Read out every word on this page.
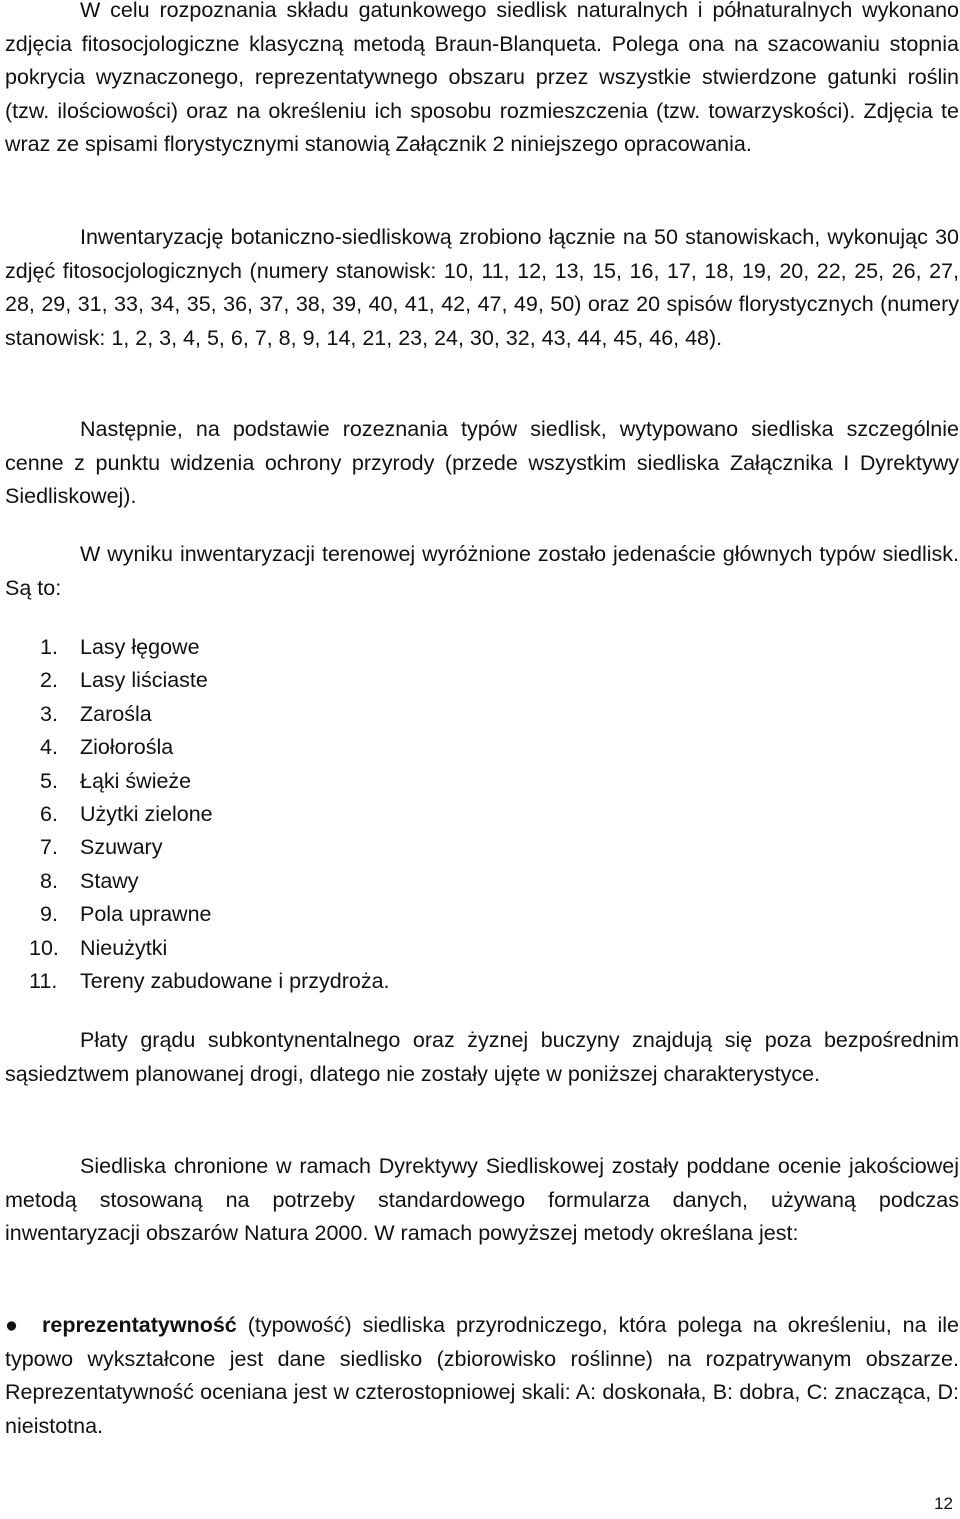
W celu rozpoznania składu gatunkowego siedlisk naturalnych i półnaturalnych wykonano zdjęcia fitosocjologiczne klasyczną metodą Braun-Blanqueta. Polega ona na szacowaniu stopnia pokrycia wyznaczonego, reprezentatywnego obszaru przez wszystkie stwierdzone gatunki roślin (tzw. ilościowości) oraz na określeniu ich sposobu rozmieszczenia (tzw. towarzyskości). Zdjęcia te wraz ze spisami florystycznymi stanowią Załącznik 2 niniejszego opracowania.

Inwentaryzację botaniczno-siedliskową zrobiono łącznie na 50 stanowiskach, wykonując 30 zdjęć fitosocjologicznych (numery stanowisk: 10, 11, 12, 13, 15, 16, 17, 18, 19, 20, 22, 25, 26, 27, 28, 29, 31, 33, 34, 35, 36, 37, 38, 39, 40, 41, 42, 47, 49, 50) oraz 20 spisów florystycznych (numery stanowisk: 1, 2, 3, 4, 5, 6, 7, 8, 9, 14, 21, 23, 24, 30, 32, 43, 44, 45, 46, 48).

Następnie, na podstawie rozeznania typów siedlisk, wytypowano siedliska szczególnie cenne z punktu widzenia ochrony przyrody (przede wszystkim siedliska Załącznika I Dyrektywy Siedliskowej).

W wyniku inwentaryzacji terenowej wyróżnione zostało jedenaście głównych typów siedlisk. Są to:

1. Lasy łęgowe
2. Lasy liściaste
3. Zarośla
4. Ziołorośla
5. Łąki świeże
6. Użytki zielone
7. Szuwary
8. Stawy
9. Pola uprawne
10. Nieużytki
11. Tereny zabudowane i przydroża.

Płaty grądu subkontynentalnego oraz żyznej buczyny znajdują się poza bezpośrednim sąsiedztwem planowanej drogi, dlatego nie zostały ujęte w poniższej charakterystyce.

Siedliska chronione w ramach Dyrektywy Siedliskowej zostały poddane ocenie jakościowej metodą stosowaną na potrzeby standardowego formularza danych, używaną podczas inwentaryzacji obszarów Natura 2000. W ramach powyższej metody określana jest:

● reprezentatywność (typowość) siedliska przyrodniczego, która polega na określeniu, na ile typowo wykształcone jest dane siedlisko (zbiorowisko roślinne) na rozpatrywanym obszarze. Reprezentatywność oceniana jest w czterostopniowej skali: A: doskonała, B: dobra, C: znacząca, D: nieistotna.

12
